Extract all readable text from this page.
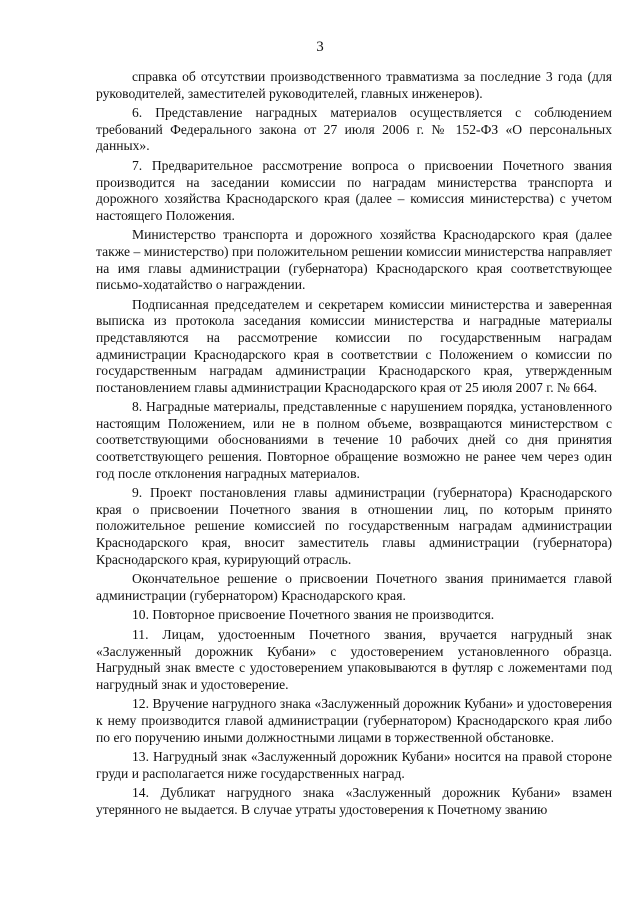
3

справка об отсутствии производственного травматизма за последние 3 года (для руководителей, заместителей руководителей, главных инженеров).

6. Представление наградных материалов осуществляется с соблюдением требований Федерального закона от 27 июля 2006 г. № 152-ФЗ «О персональных данных».

7. Предварительное рассмотрение вопроса о присвоении Почетного звания производится на заседании комиссии по наградам министерства транспорта и дорожного хозяйства Краснодарского края (далее – комиссия министерства) с учетом настоящего Положения.

Министерство транспорта и дорожного хозяйства Краснодарского края (далее также – министерство) при положительном решении комиссии министерства направляет на имя главы администрации (губернатора) Краснодарского края соответствующее письмо-ходатайство о награждении.

Подписанная председателем и секретарем комиссии министерства и заверенная выписка из протокола заседания комиссии министерства и наградные материалы представляются на рассмотрение комиссии по государственным наградам администрации Краснодарского края в соответствии с Положением о комиссии по государственным наградам администрации Краснодарского края, утвержденным постановлением главы администрации Краснодарского края от 25 июля 2007 г. № 664.

8. Наградные материалы, представленные с нарушением порядка, установленного настоящим Положением, или не в полном объеме, возвращаются министерством с соответствующими обоснованиями в течение 10 рабочих дней со дня принятия соответствующего решения. Повторное обращение возможно не ранее чем через один год после отклонения наградных материалов.

9. Проект постановления главы администрации (губернатора) Краснодарского края о присвоении Почетного звания в отношении лиц, по которым принято положительное решение комиссией по государственным наградам администрации Краснодарского края, вносит заместитель главы администрации (губернатора) Краснодарского края, курирующий отрасль.

Окончательное решение о присвоении Почетного звания принимается главой администрации (губернатором) Краснодарского края.

10. Повторное присвоение Почетного звания не производится.

11. Лицам, удостоенным Почетного звания, вручается нагрудный знак «Заслуженный дорожник Кубани» с удостоверением установленного образца. Нагрудный знак вместе с удостоверением упаковываются в футляр с ложементами под нагрудный знак и удостоверение.

12. Вручение нагрудного знака «Заслуженный дорожник Кубани» и удостоверения к нему производится главой администрации (губернатором) Краснодарского края либо по его поручению иными должностными лицами в торжественной обстановке.

13. Нагрудный знак «Заслуженный дорожник Кубани» носится на правой стороне груди и располагается ниже государственных наград.

14. Дубликат нагрудного знака «Заслуженный дорожник Кубани» взамен утерянного не выдается. В случае утраты удостоверения к Почетному званию
